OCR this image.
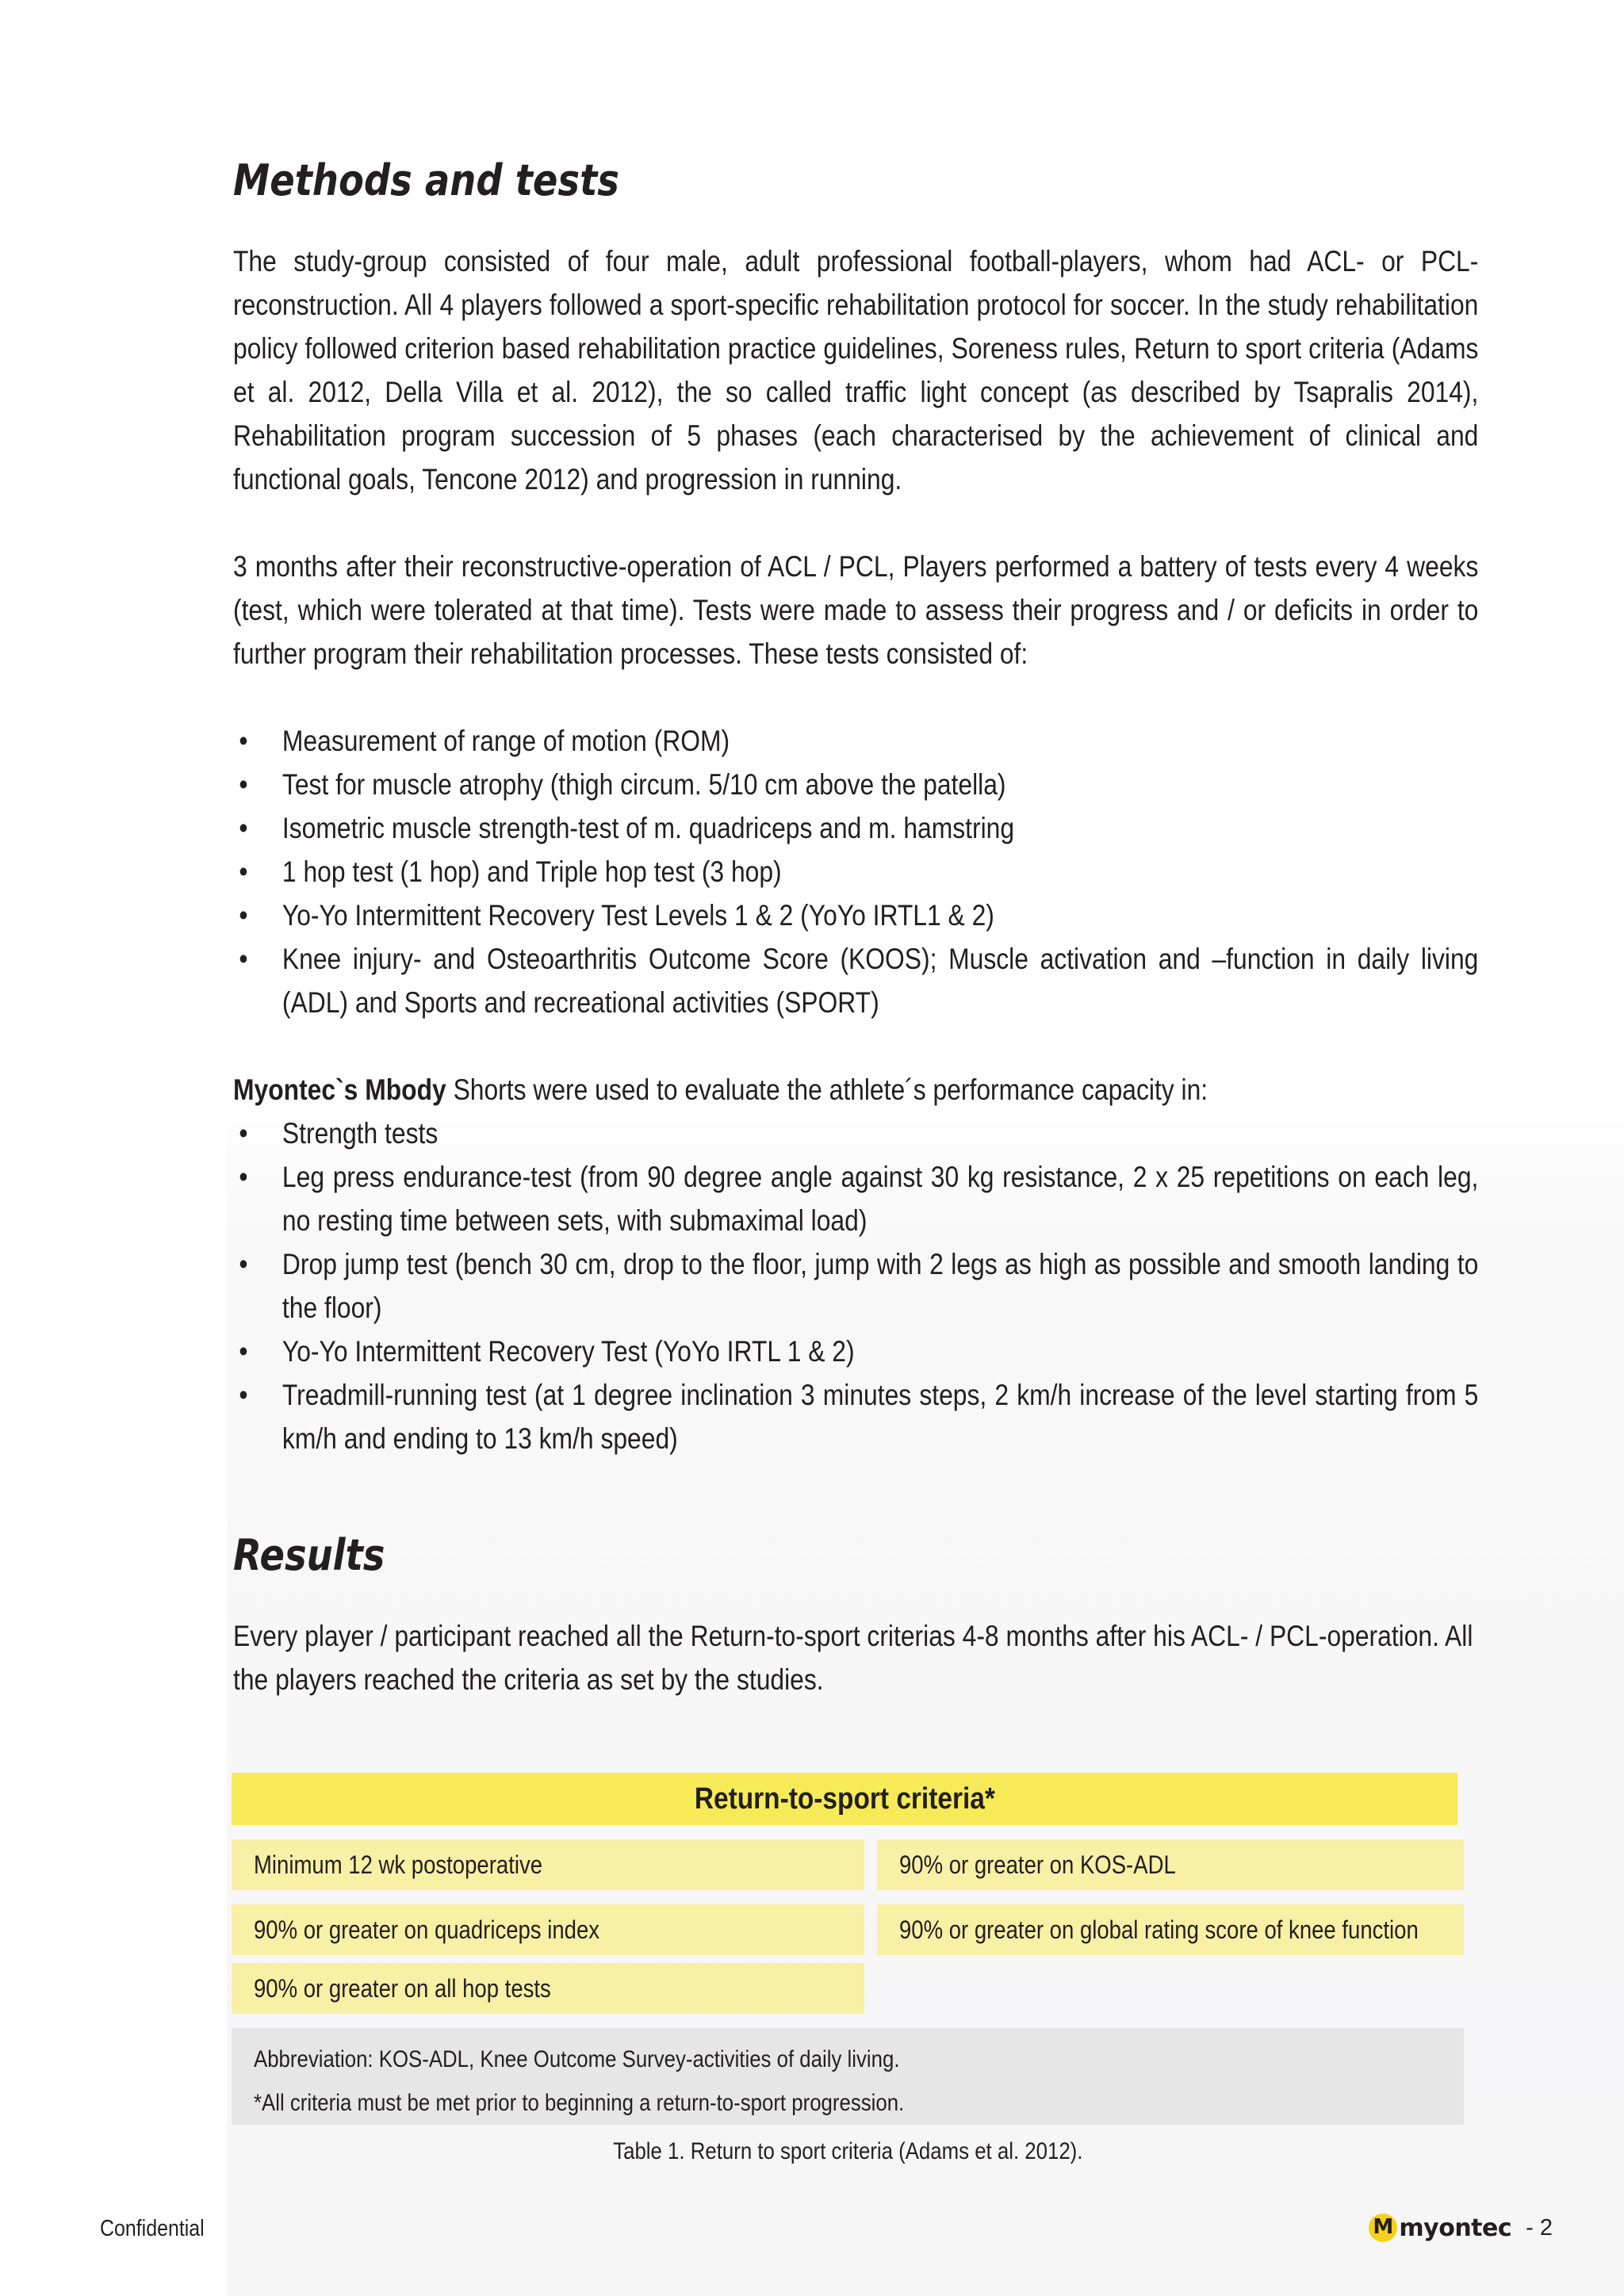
Methods and tests

The study-group consisted of four male, adult professional football-players, whom had ACL- or PCL-reconstruction. All 4 players followed a sport-specific rehabilitation protocol for soccer. In the study rehabilitation policy followed criterion based rehabilitation practice guidelines, Soreness rules, Return to sport criteria (Adams et al. 2012, Della Villa et al. 2012), the so called traffic light concept (as described by Tsapralis 2014), Rehabilitation program succession of 5 phases (each characterised by the achievement of clinical and functional goals, Tencone 2012) and progression in running.

3 months after their reconstructive-operation of ACL / PCL, Players performed a battery of tests every 4 weeks (test, which were tolerated at that time). Tests were made to assess their progress and / or deficits in order to further program their rehabilitation processes. These tests consisted of:

• Measurement of range of motion (ROM)
• Test for muscle atrophy (thigh circum. 5/10 cm above the patella)
• Isometric muscle strength-test of m. quadriceps and m. hamstring
• 1 hop test (1 hop) and Triple hop test (3 hop)
• Yo-Yo Intermittent Recovery Test Levels 1 & 2 (YoYo IRTL1 & 2)
• Knee injury- and Osteoarthritis Outcome Score (KOOS); Muscle activation and –function in daily living (ADL) and Sports and recreational activities (SPORT)

Myontec`s Mbody Shorts were used to evaluate the athlete´s performance capacity in:

• Strength tests
• Leg press endurance-test (from 90 degree angle against 30 kg resistance, 2 x 25 repetitions on each leg, no resting time between sets, with submaximal load)
• Drop jump test (bench 30 cm, drop to the floor, jump with 2 legs as high as possible and smooth landing to the floor)
• Yo-Yo Intermittent Recovery Test (YoYo IRTL 1 & 2)
• Treadmill-running test (at 1 degree inclination 3 minutes steps, 2 km/h increase of the level starting from 5 km/h and ending to 13 km/h speed)
Results

Every player / participant reached all the Return-to-sport criterias 4-8 months after his ACL- / PCL-operation. All the players reached the criteria as set by the studies.

Return-to-sport criteria*
Minimum 12 wk postoperative	90% or greater on KOS-ADL
90% or greater on quadriceps index	90% or greater on global rating score of knee function
90% or greater on all hop tests
Abbreviation: KOS-ADL, Knee Outcome Survey-activities of daily living.
*All criteria must be met prior to beginning a return-to-sport progression.
Table 1. Return to sport criteria (Adams et al. 2012).
Confidential
M	myontec - 2
